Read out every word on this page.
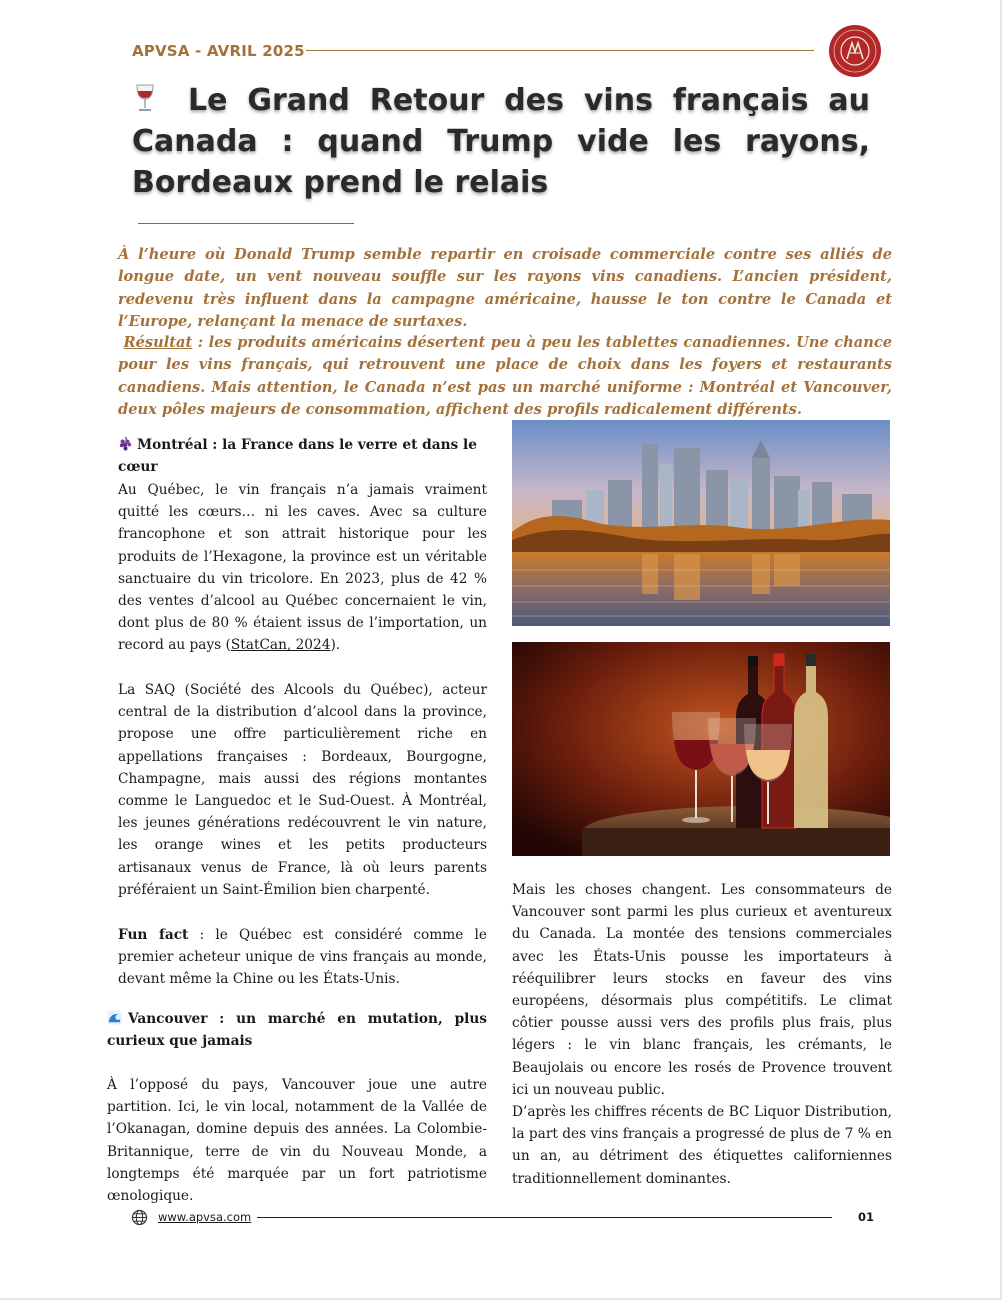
APVSA - AVRIL 2025
Le Grand Retour des vins français au Canada : quand Trump vide les rayons, Bordeaux prend le relais

À l’heure où Donald Trump semble repartir en croisade commerciale contre ses alliés de longue date, un vent nouveau souffle sur les rayons vins canadiens. L’ancien président, redevenu très influent dans la campagne américaine, hausse le ton contre le Canada et l’Europe, relançant la menace de surtaxes.

Résultat : les produits américains désertent peu à peu les tablettes canadiennes. Une chance pour les vins français, qui retrouvent une place de choix dans les foyers et restaurants canadiens. Mais attention, le Canada n’est pas un marché uniforme : Montréal et Vancouver, deux pôles majeurs de consommation, affichent des profils radicalement différents.

Montréal : la France dans le verre et dans le cœur

Au Québec, le vin français n’a jamais vraiment quitté les cœurs… ni les caves. Avec sa culture francophone et son attrait historique pour les produits de l’Hexagone, la province est un véritable sanctuaire du vin tricolore. En 2023, plus de 42 % des ventes d’alcool au Québec concernaient le vin, dont plus de 80 % étaient issus de l’importation, un record au pays (StatCan, 2024).

La SAQ (Société des Alcools du Québec), acteur central de la distribution d’alcool dans la province, propose une offre particulièrement riche en appellations françaises : Bordeaux, Bourgogne, Champagne, mais aussi des régions montantes comme le Languedoc et le Sud-Ouest. À Montréal, les jeunes générations redécouvrent le vin nature, les orange wines et les petits producteurs artisanaux venus de France, là où leurs parents préféraient un Saint-Émilion bien charpenté.

Fun fact : le Québec est considéré comme le premier acheteur unique de vins français au monde, devant même la Chine ou les États-Unis.

Vancouver : un marché en mutation, plus curieux que jamais

À l’opposé du pays, Vancouver joue une autre partition. Ici, le vin local, notamment de la Vallée de l’Okanagan, domine depuis des années. La Colombie-Britannique, terre de vin du Nouveau Monde, a longtemps été marquée par un fort patriotisme œnologique.

Mais les choses changent. Les consommateurs de Vancouver sont parmi les plus curieux et aventureux du Canada. La montée des tensions commerciales avec les États-Unis pousse les importateurs à rééquilibrer leurs stocks en faveur des vins européens, désormais plus compétitifs. Le climat côtier pousse aussi vers des profils plus frais, plus légers : le vin blanc français, les crémants, le Beaujolais ou encore les rosés de Provence trouvent ici un nouveau public.

D’après les chiffres récents de BC Liquor Distribution, la part des vins français a progressé de plus de 7 % en un an, au détriment des étiquettes californiennes traditionnellement dominantes.

www.apvsa.com	01
